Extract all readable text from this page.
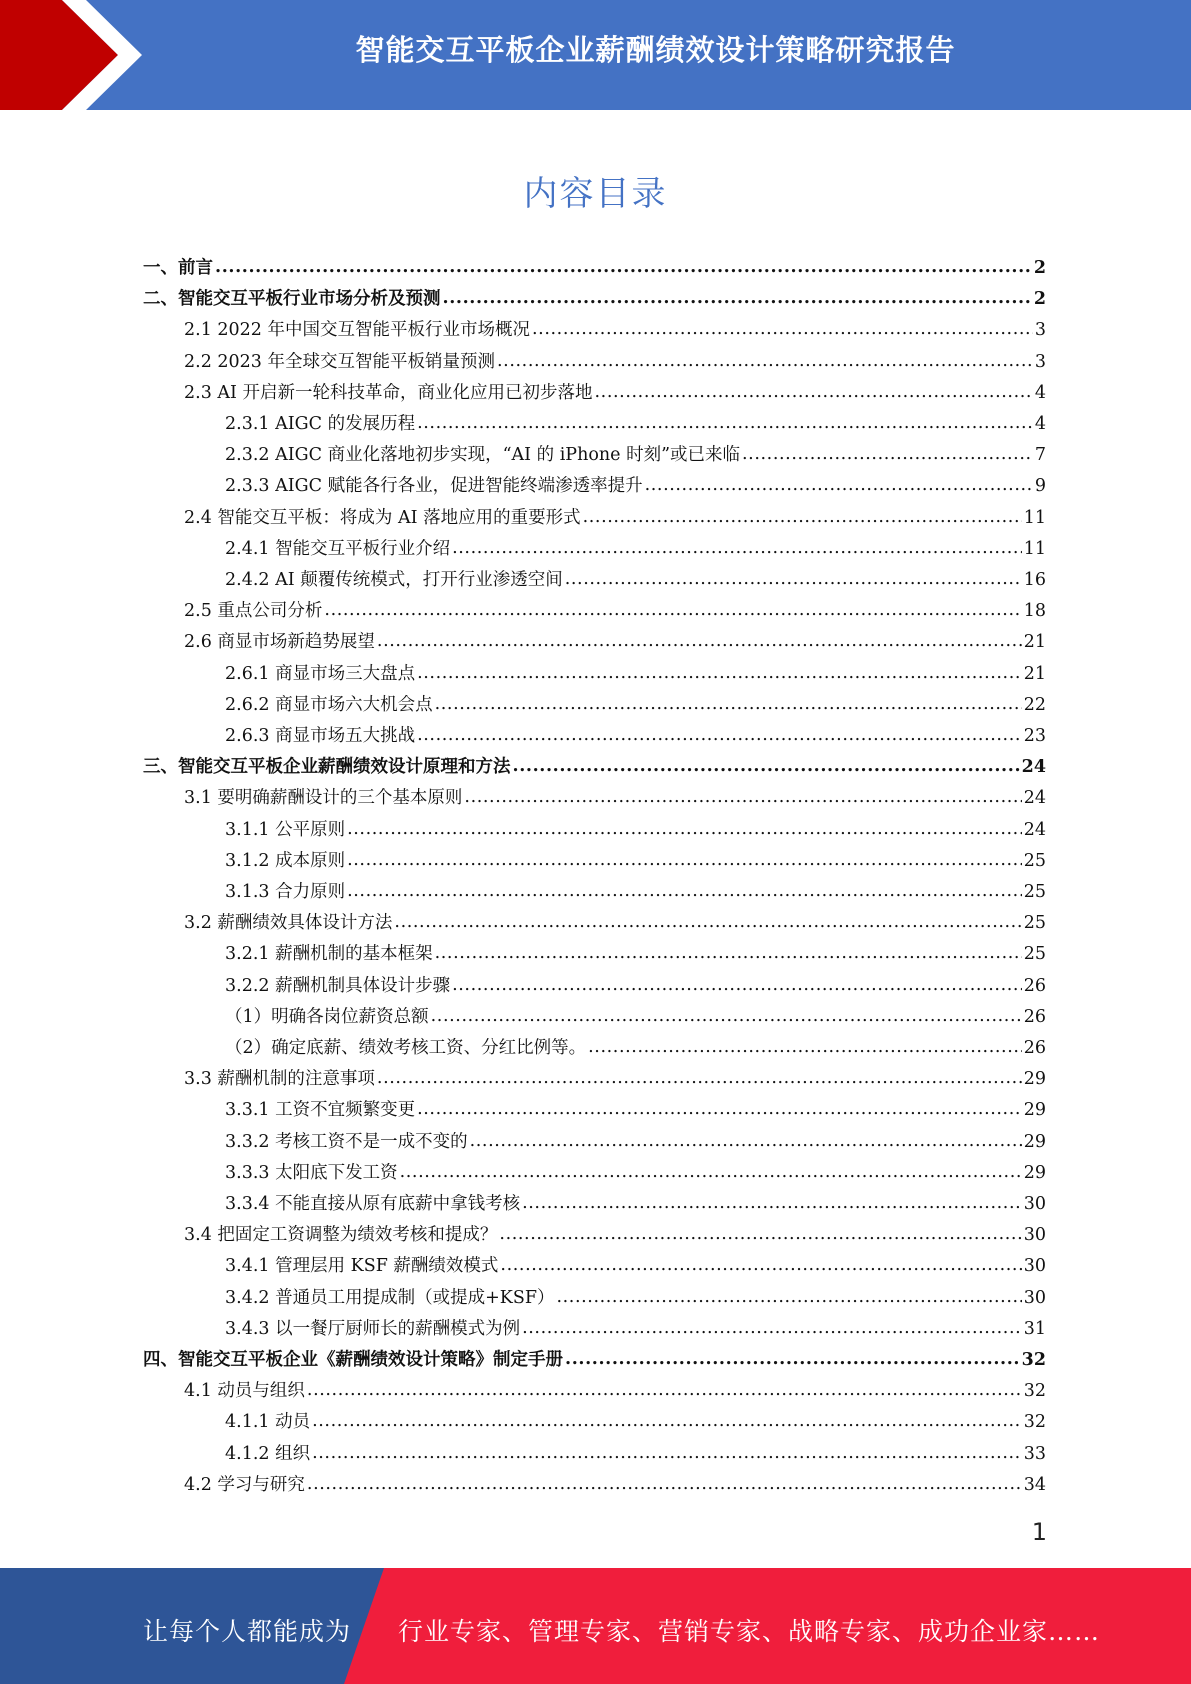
智能交互平板企业薪酬绩效设计策略研究报告
内容目录
一、前言 .....	2
二、智能交互平板行业市场分析及预测 .....	2
2.1 2022 年中国交互智能平板行业市场概况 .....	3
2.2 2023 年全球交互智能平板销量预测 .....	3
2.3 AI 开启新一轮科技革命，商业化应用已初步落地 .....	4
2.3.1 AIGC 的发展历程 .....	4
2.3.2 AIGC 商业化落地初步实现，“AI 的 iPhone 时刻”或已来临 .....	7
2.3.3 AIGC 赋能各行各业，促进智能终端渗透率提升 .....	9
2.4 智能交互平板：将成为 AI 落地应用的重要形式 .....	11
2.4.1 智能交互平板行业介绍 .....	11
2.4.2 AI 颠覆传统模式，打开行业渗透空间 .....	16
2.5 重点公司分析 .....	18
2.6 商显市场新趋势展望 .....	21
2.6.1 商显市场三大盘点 .....	21
2.6.2 商显市场六大机会点 .....	22
2.6.3 商显市场五大挑战 .....	23
三、智能交互平板企业薪酬绩效设计原理和方法 .....	24
3.1 要明确薪酬设计的三个基本原则 .....	24
3.1.1 公平原则 .....	24
3.1.2 成本原则 .....	25
3.1.3 合力原则 .....	25
3.2 薪酬绩效具体设计方法 .....	25
3.2.1 薪酬机制的基本框架 .....	25
3.2.2 薪酬机制具体设计步骤 .....	26
（1）明确各岗位薪资总额 .....	26
（2）确定底薪、绩效考核工资、分红比例等。 .....	26
3.3 薪酬机制的注意事项 .....	29
3.3.1 工资不宜频繁变更 .....	29
3.3.2 考核工资不是一成不变的 .....	29
3.3.3 太阳底下发工资 .....	29
3.3.4 不能直接从原有底薪中拿钱考核 .....	30
3.4 把固定工资调整为绩效考核和提成？ .....	30
3.4.1 管理层用 KSF 薪酬绩效模式 .....	30
3.4.2 普通员工用提成制（或提成+KSF） .....	30
3.4.3 以一餐厅厨师长的薪酬模式为例 .....	31
四、智能交互平板企业《薪酬绩效设计策略》制定手册 .....	32
4.1 动员与组织 .....	32
4.1.1 动员 .....	32
4.1.2 组织 .....	33
4.2 学习与研究 .....	34
1
让每个人都能成为 行业专家、管理专家、营销专家、战略专家、成功企业家……
